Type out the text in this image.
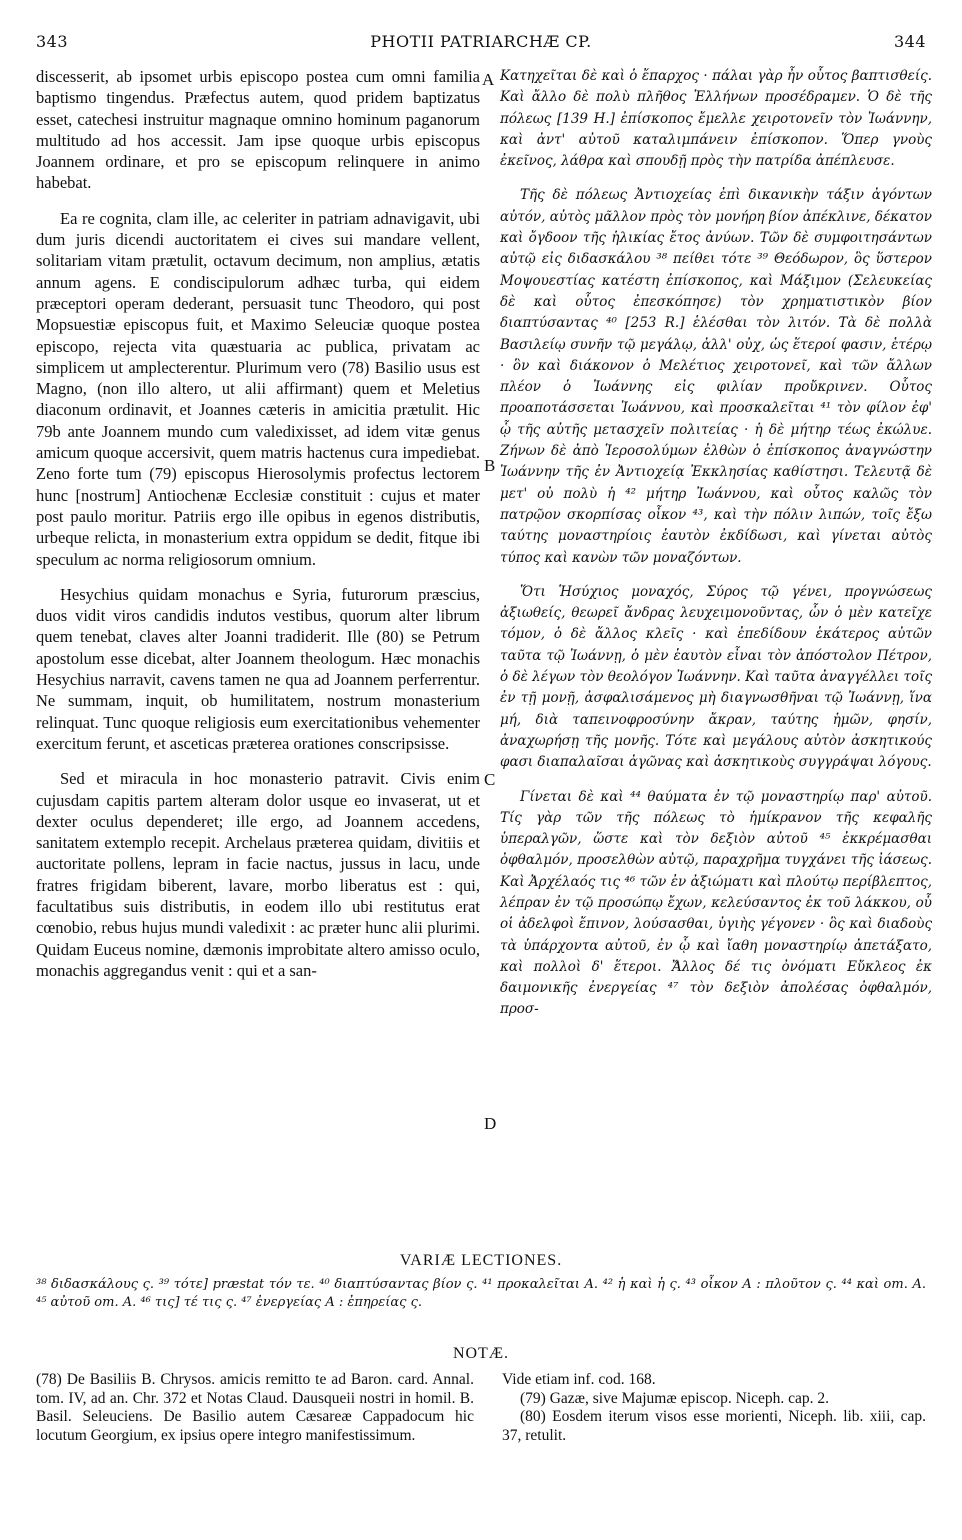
343	PHOTII PATRIARCHÆ CP.	344

discesserit, ab ipsomet urbis episcopo postea cum omni familia baptismo tingendus. Præfectus autem, quod pridem baptizatus esset, catechesi instruitur magnaque omnino hominum paganorum multitudo ad hos accessit. Jam ipse quoque urbis episcopus Joannem ordinare, et pro se episcopum relinquere in animo habebat.

Ea re cognita, clam ille, ac celeriter in patriam adnavigavit, ubi dum juris dicendi auctoritatem ei cives sui mandare vellent, solitariam vitam prætulit, octavum decimum, non amplius, ætatis annum agens. E condiscipulorum adhæc turba, qui eidem præceptori operam dederant, persuasit tunc Theodoro, qui post Mopsuestiæ episcopus fuit, et Maximo Seleuciæ quoque postea episcopo, rejecta vita quæstuaria ac publica, privatam ac simplicem ut amplecterentur. Plurimum vero (78) Basilio usus est Magno, (non illo altero, ut alii affirmant) quem et Meletius diaconum ordinavit, et Joannes cæteris in amicitia prætulit. Hic 79b ante Joannem mundo cum valedixisset, ad idem vitæ genus amicum quoque accersivit, quem matris hactenus cura impediebat. Zeno forte tum (79) episcopus Hierosolymis profectus lectorem hunc [nostrum] Antiochenæ Ecclesiæ constituit : cujus et mater post paulo moritur. Patriis ergo ille opibus in egenos distributis, urbeque relicta, in monasterium extra oppidum se dedit, fitque ibi speculum ac norma religiosorum omnium.

Hesychius quidam monachus e Syria, futurorum præscius, duos vidit viros candidis indutos vestibus, quorum alter librum quem tenebat, claves alter Joanni tradiderit. Ille (80) se Petrum apostolum esse dicebat, alter Joannem theologum. Hæc monachis Hesychius narravit, cavens tamen ne qua ad Joannem perferrentur. Ne summam, inquit, ob humilitatem, nostrum monasterium relinquat. Tunc quoque religiosis eum exercitationibus vehementer exercitum ferunt, et asceticas præterea orationes conscripsisse.

Sed et miracula in hoc monasterio patravit. Civis enim cujusdam capitis partem alteram dolor usque eo invaserat, ut et dexter oculus dependeret; ille ergo, ad Joannem accedens, sanitatem extemplo recepit. Archelaus præterea quidam, divitiis et auctoritate pollens, lepram in facie nactus, jussus in lacu, unde fratres frigidam biberent, lavare, morbo liberatus est : qui, facultatibus suis distributis, in eodem illo ubi restitutus erat cœnobio, rebus hujus mundi valedixit : ac præter hunc alii plurimi. Quidam Euceus nomine, dæmonis improbitate altero amisso oculo, monachis aggregandus venit : qui et a san-

Κατηχεῖται δὲ καὶ ὁ ἔπαρχος · πάλαι γὰρ ἦν οὗτος βαπτισθείς. Καὶ ἄλλο δὲ πολὺ πλῆθος Ἑλλήνων προσέδραμεν. Ὁ δὲ τῆς πόλεως [139 H.] ἐπίσκοπος ἔμελλε χειροτονεῖν τὸν Ἰωάννην, καὶ ἀντ' αὐτοῦ καταλιμπάνειν ἐπίσκοπον. Ὅπερ γνοὺς ἐκεῖνος, λάθρα καὶ σπουδῇ πρὸς τὴν πατρίδα ἀπέπλευσε.

Τῆς δὲ πόλεως Ἀντιοχείας ἐπὶ δικανικὴν τάξιν ἀγόντων αὐτόν, αὐτὸς μᾶλλον πρὸς τὸν μονήρη βίον ἀπέκλινε, δέκατον καὶ ὄγδοον τῆς ἡλικίας ἔτος ἀνύων. Τῶν δὲ συμφοιτησάντων αὐτῷ εἰς διδασκάλου ³⁸ πείθει τότε ³⁹ Θεόδωρον, ὃς ὕστερον Μοψουεστίας κατέστη ἐπίσκοπος, καὶ Μάξιμον (Σελευκείας δὲ καὶ οὗτος ἐπεσκόπησε) τὸν χρηματιστικὸν βίον διαπτύσαντας ⁴⁰ [253 R.] ἑλέσθαι τὸν λιτόν. Τὰ δὲ πολλὰ Βασιλείῳ συνῆν τῷ μεγάλῳ, ἀλλ' οὐχ, ὡς ἕτεροί φασιν, ἑτέρῳ · ὃν καὶ διάκονον ὁ Μελέτιος χειροτονεῖ, καὶ τῶν ἄλλων πλέον ὁ Ἰωάννης εἰς φιλίαν προὔκρινεν. Οὗτος προαποτάσσεται Ἰωάννου, καὶ προσκαλεῖται ⁴¹ τὸν φίλον ἐφ' ᾧ τῆς αὐτῆς μετασχεῖν πολιτείας · ἡ δὲ μήτηρ τέως ἐκώλυε. Ζήνων δὲ ἀπὸ Ἱεροσολύμων ἐλθὼν ὁ ἐπίσκοπος ἀναγνώστην Ἰωάννην τῆς ἐν Ἀντιοχείᾳ Ἐκκλησίας καθίστησι. Τελευτᾷ δὲ μετ' οὐ πολὺ ἡ ⁴² μήτηρ Ἰωάννου, καὶ οὗτος καλῶς τὸν πατρῷον σκορπίσας οἶκον ⁴³, καὶ τὴν πόλιν λιπών, τοῖς ἔξω ταύτης μοναστηρίοις ἑαυτὸν ἐκδίδωσι, καὶ γίνεται αὐτὸς τύπος καὶ κανὼν τῶν μοναζόντων.

Ὅτι Ἡσύχιος μοναχός, Σύρος τῷ γένει, προγνώσεως ἀξιωθείς, θεωρεῖ ἄνδρας λευχειμονοῦντας, ὧν ὁ μὲν κατεῖχε τόμον, ὁ δὲ ἄλλος κλεῖς · καὶ ἐπεδίδουν ἑκάτερος αὐτῶν ταῦτα τῷ Ἰωάννῃ, ὁ μὲν ἑαυτὸν εἶναι τὸν ἀπόστολον Πέτρον, ὁ δὲ λέγων τὸν θεολόγον Ἰωάννην. Καὶ ταῦτα ἀναγγέλλει τοῖς ἐν τῇ μονῇ, ἀσφαλισάμενος μὴ διαγνωσθῆναι τῷ Ἰωάννῃ, ἵνα μή, διὰ ταπεινοφροσύνην ἄκραν, ταύτης ἡμῶν, φησίν, ἀναχωρήσῃ τῆς μονῆς. Τότε καὶ μεγάλους αὐτὸν ἀσκητικούς φασι διαπαλαῖσαι ἀγῶνας καὶ ἀσκητικοὺς συγγράψαι λόγους.

Γίνεται δὲ καὶ ⁴⁴ θαύματα ἐν τῷ μοναστηρίῳ παρ' αὐτοῦ. Τίς γὰρ τῶν τῆς πόλεως τὸ ἡμίκρανον τῆς κεφαλῆς ὑπεραλγῶν, ὥστε καὶ τὸν δεξιὸν αὐτοῦ ⁴⁵ ἐκκρέμασθαι ὀφθαλμόν, προσελθὼν αὐτῷ, παραχρῆμα τυγχάνει τῆς ἰάσεως. Καὶ Ἀρχέλαός τις ⁴⁶ τῶν ἐν ἀξιώματι καὶ πλούτῳ περίβλεπτος, λέπραν ἐν τῷ προσώπῳ ἔχων, κελεύσαντος ἐκ τοῦ λάκκου, οὗ οἱ ἀδελφοὶ ἔπινον, λούσασθαι, ὑγιὴς γέγονεν · ὃς καὶ διαδοὺς τὰ ὑπάρχοντα αὐτοῦ, ἐν ᾧ καὶ ἴαθη μοναστηρίῳ ἀπετάξατο, καὶ πολλοὶ δ' ἕτεροι. Ἄλλος δέ τις ὀνόματι Εὔκλεος ἐκ δαιμονικῆς ἐνεργείας ⁴⁷ τὸν δεξιὸν ἀπολέσας ὀφθαλμόν, προσ-

A
B
C
D
VARIÆ LECTIONES.
³⁸ διδασκάλους ς. ³⁹ τότε] præstat τόν τε. ⁴⁰ διαπτύσαντας βίον ς. ⁴¹ προκαλεῖται A. ⁴² ἡ καὶ ἡ ς. ⁴³ οἶκον A : πλοῦτον ς. ⁴⁴ καὶ om. A. ⁴⁵ αὐτοῦ om. A. ⁴⁶ τις] τέ τις ς. ⁴⁷ ἐνεργείας A : ἐπηρείας ς.
NOTÆ.

(78) De Basiliis B. Chrysos. amicis remitto te ad Baron. card. Annal. tom. IV, ad an. Chr. 372 et Notas Claud. Dausqueii nostri in homil. B. Basil. Seleuciens. De Basilio autem Cæsareæ Cappadocum hic locutum Georgium, ex ipsius opere integro manifestissimum.

Vide etiam inf. cod. 168.

(79) Gazæ, sive Majumæ episcop. Niceph. cap. 2.

(80) Eosdem iterum visos esse morienti, Niceph. lib. xiii, cap. 37, retulit.
